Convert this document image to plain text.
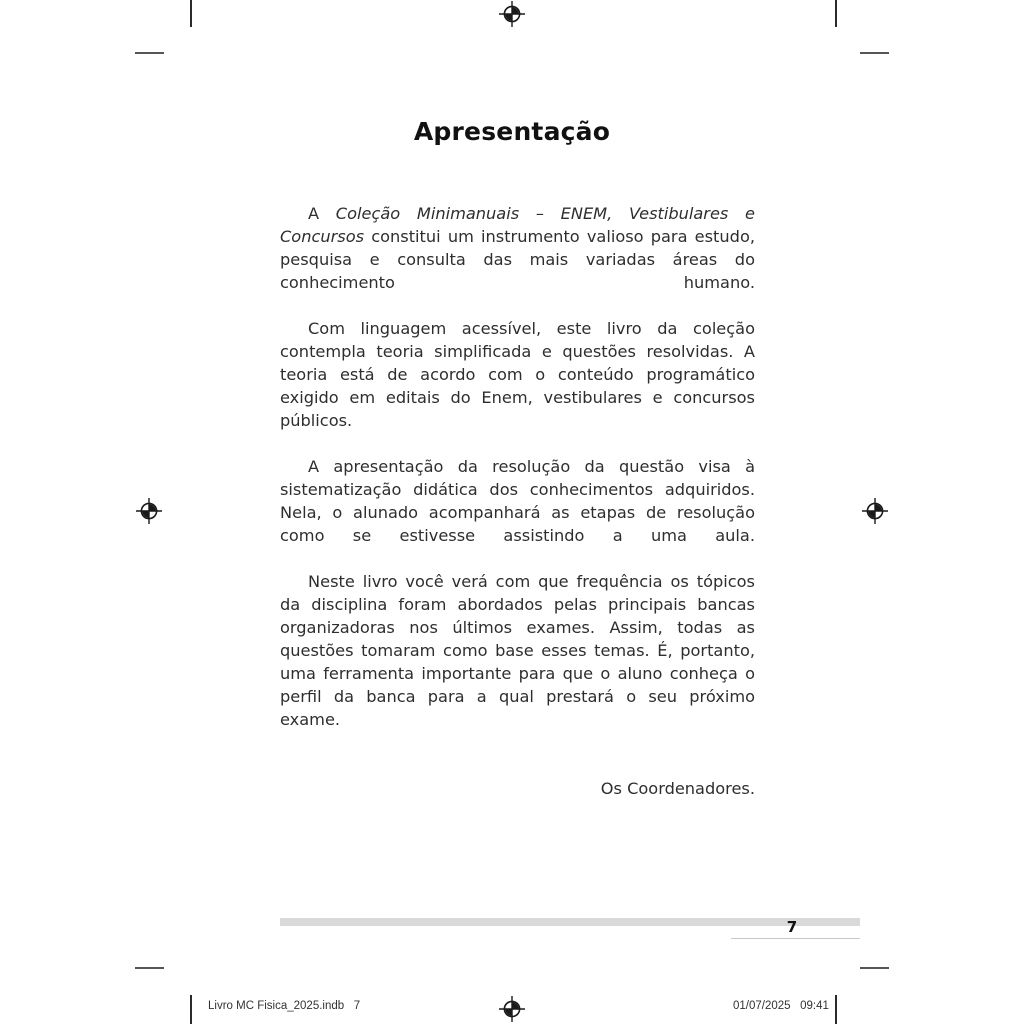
Apresentação

A Coleção Minimanuais – ENEM, Vestibulares e Concursos constitui um instrumento valioso para estudo, pesquisa e consulta das mais variadas áreas do conhecimento humano.

Com linguagem acessível, este livro da coleção contempla teoria simplificada e questões resolvidas. A teoria está de acordo com o conteúdo programático exigido em editais do Enem, vestibulares e concursos públicos.

A apresentação da resolução da questão visa à sistematização didática dos conhecimentos adquiridos. Nela, o alunado acompanhará as etapas de resolução como se estivesse assistindo a uma aula.

Neste livro você verá com que frequência os tópicos da disciplina foram abordados pelas principais bancas organizadoras nos últimos exames. Assim, todas as questões tomaram como base esses temas. É, portanto, uma ferramenta importante para que o aluno conheça o perfil da banca para a qual prestará o seu próximo exame.

Os Coordenadores.

7
Livro MC Fisica_2025.indb   7	01/07/2025   09:41
